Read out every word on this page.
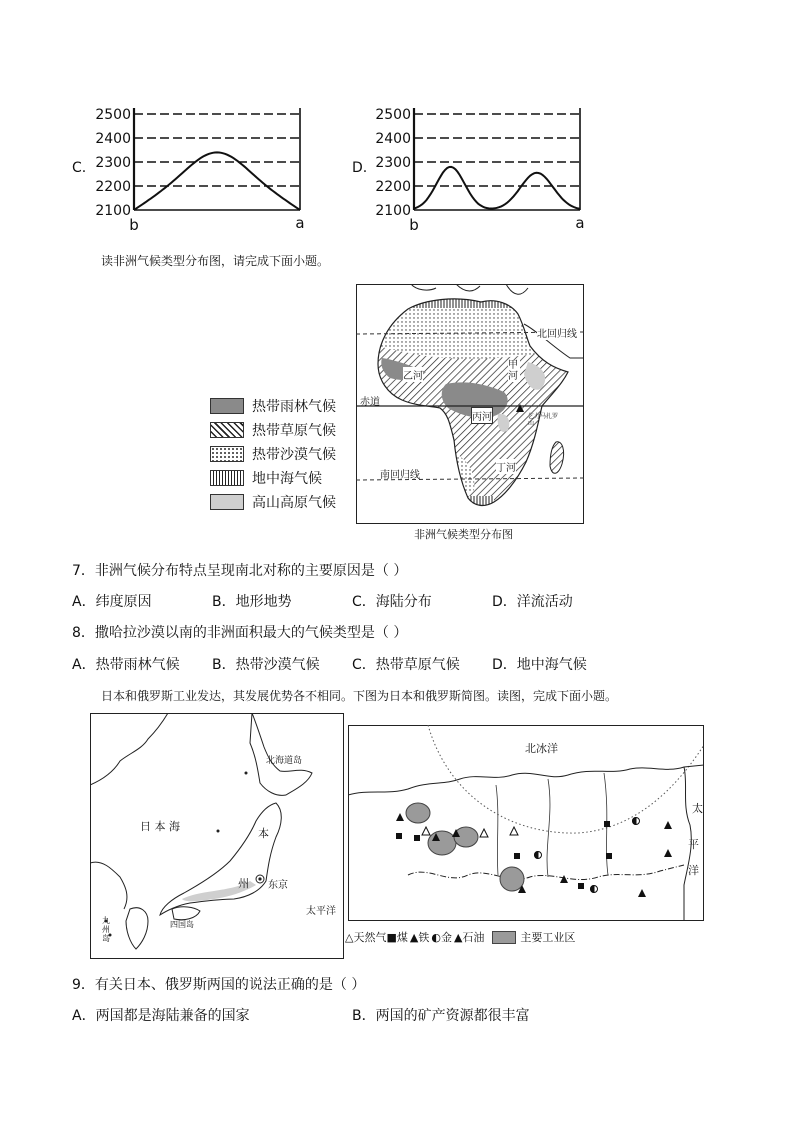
C.
2500
2400
2300
2200
2100
b	a
D.
2500
2400
2300
2200
2100
b	a
读非洲气候类型分布图，请完成下面小题。
热带雨林气候
热带草原气候
热带沙漠气候
地中海气候
高山高原气候
北回归线
赤道
南回归线
乙河
甲河
丙河
丁河
乞力马扎罗山
非洲气候类型分布图
7．非洲气候分布特点呈现南北对称的主要原因是（ ）
A．纬度原因	B．地形地势	C．海陆分布	D．洋流活动
8．撒哈拉沙漠以南的非洲面积最大的气候类型是（ ）
A．热带雨林气候 B．热带沙漠气候 C．热带草原气候 D．地中海气候
日本和俄罗斯工业发达，其发展优势各不相同。下图为日本和俄罗斯简图。读图，完成下面小题。
日 本 海
北海道岛
本
州 东京
太平洋
九州岛
四国岛
北冰洋
太
平
洋
△天然气 ■煤 ▲铁 ◐金 ▲石油	主要工业区
9．有关日本、俄罗斯两国的说法正确的是（ ）
A．两国都是海陆兼备的国家	B．两国的矿产资源都很丰富
